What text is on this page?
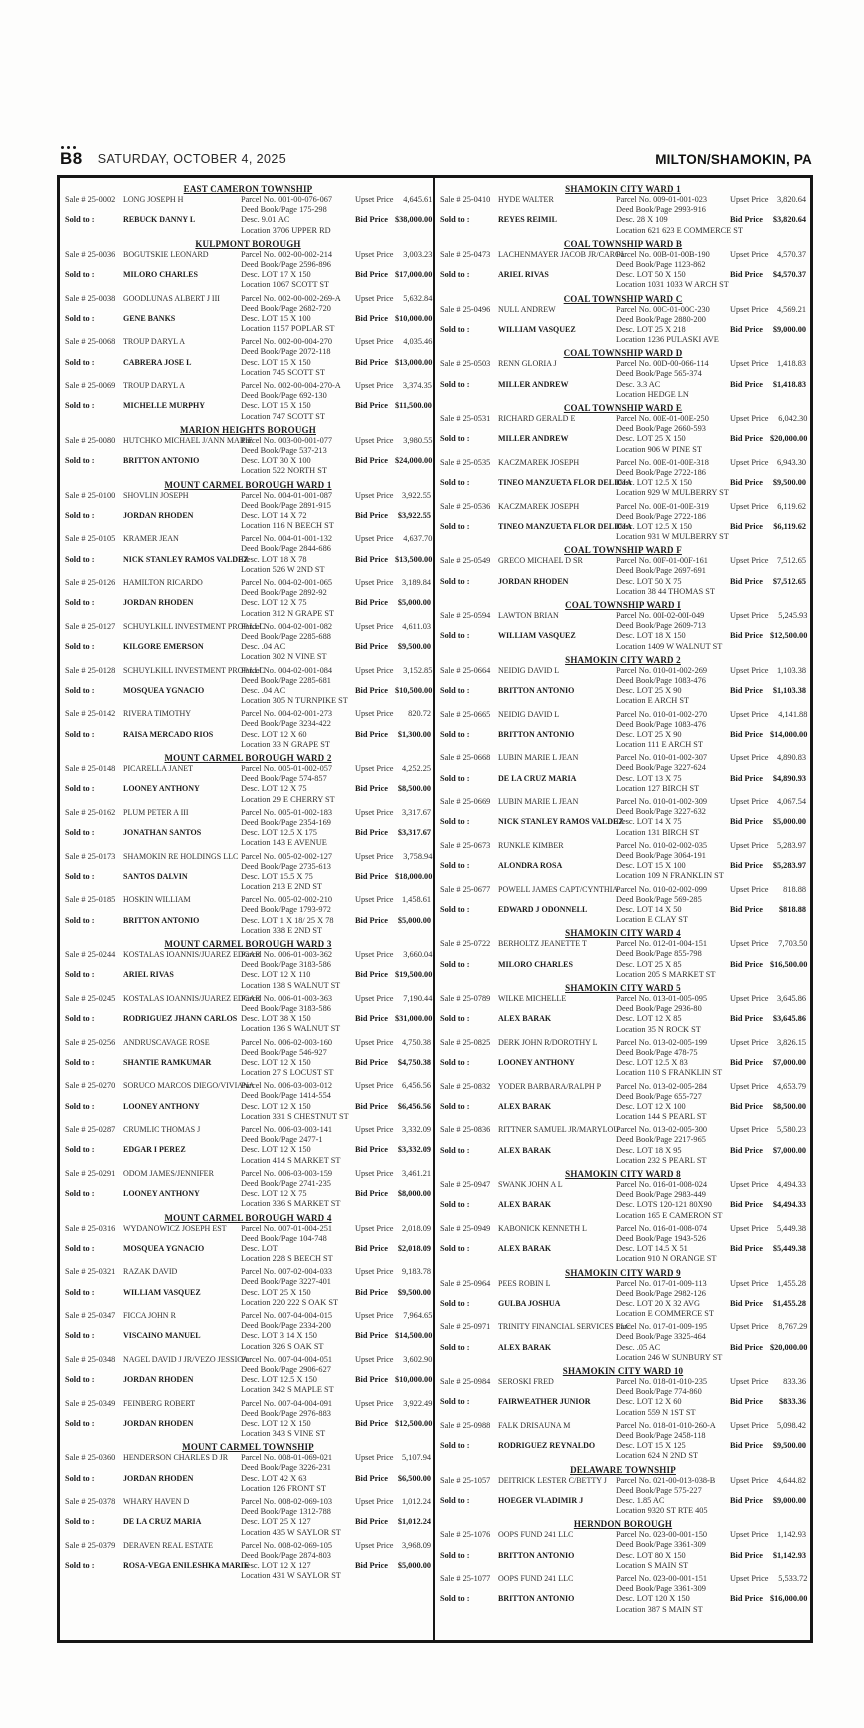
B8 SATURDAY, OCTOBER 4, 2025	MILTON/SHAMOKIN, PA
EAST CAMERON TOWNSHIP
Sale # 25-0002 LONG JOSEPH H	Parcel No. 001-00-076-067	Upset Price	4,645.61
Deed Book/Page 175-298
Sold to :	REBUCK DANNY L	Desc. 9.01 AC	Bid Price $38,000.00
Location 3706 UPPER RD
KULPMONT BOROUGH
Sale # 25-0036 BOGUTSKIE LEONARD	Parcel No. 002-00-002-214	Upset Price	3,003.23
Deed Book/Page 2596-896
Sold to :	MILORO CHARLES	Desc. LOT 17 X 150	Bid Price $17,000.00
Location 1067 SCOTT ST
Sale # 25-0038 GOODLUNAS ALBERT J III	Parcel No. 002-00-002-269-A	Upset Price	5,632.84
Deed Book/Page 2682-720
Sold to :	GENE BANKS	Desc. LOT 15 X 100	Bid Price $10,000.00
Location 1157 POPLAR ST
Sale # 25-0068 TROUP DARYL A	Parcel No. 002-00-004-270	Upset Price	4,035.46
Deed Book/Page 2072-118
Sold to :	CABRERA JOSE L	Desc. LOT 15 X 150	Bid Price $13,000.00
Location 745 SCOTT ST
Sale # 25-0069 TROUP DARYL A	Parcel No. 002-00-004-270-A	Upset Price	3,374.35
Deed Book/Page 692-130
Sold to :	MICHELLE MURPHY	Desc. LOT 15 X 150	Bid Price $11,500.00
Location 747 SCOTT ST
MARION HEIGHTS BOROUGH
Sale # 25-0080 HUTCHKO MICHAEL J/ANN MARIE
Parcel No. 003-00-001-077	Upset Price	3,980.55
Deed Book/Page 537-213
Sold to :	BRITTON ANTONIO	Desc. LOT 30 X 100	Bid Price $24,000.00
Location 522 NORTH ST
MOUNT CARMEL BOROUGH WARD 1
Sale # 25-0100 SHOVLIN JOSEPH	Parcel No. 004-01-001-087	Upset Price	3,922.55
Deed Book/Page 2891-915
Sold to :	JORDAN RHODEN	Desc. LOT 14 X 72	Bid Price	$3,922.55
Location 116 N BEECH ST
Sale # 25-0105 KRAMER JEAN	Parcel No. 004-01-001-132	Upset Price	4,637.70
Deed Book/Page 2844-686
Sold to :	NICK STANLEY RAMOS VALDEZ
Desc. LOT 18 X 78	Bid Price $13,500.00
Location 526 W 2ND ST
Sale # 25-0126 HAMILTON RICARDO	Parcel No. 004-02-001-065	Upset Price	3,189.84
Deed Book/Page 2892-92
Sold to :	JORDAN RHODEN	Desc. LOT 12 X 75	Bid Price	$5,000.00
Location 312 N GRAPE ST
Sale # 25-0127 SCHUYLKILL INVESTMENT PROP LLC
Parcel No. 004-02-001-082	Upset Price	4,611.03
Deed Book/Page 2285-688
Sold to :	KILGORE EMERSON	Desc. .04 AC	Bid Price	$9,500.00
Location 302 N VINE ST
Sale # 25-0128 SCHUYLKILL INVESTMENT PROP LLC
Parcel No. 004-02-001-084	Upset Price	3,152.85
Deed Book/Page 2285-681
Sold to :	MOSQUEA YGNACIO	Desc. .04 AC	Bid Price $10,500.00
Location 305 N TURNPIKE ST
Sale # 25-0142 RIVERA TIMOTHY	Parcel No. 004-02-001-273	Upset Price	820.72
Deed Book/Page 3234-422
Sold to :	RAISA MERCADO RIOS	Desc. LOT 12 X 60	Bid Price	$1,300.00
Location 33 N GRAPE ST
MOUNT CARMEL BOROUGH WARD 2
Sale # 25-0148 PICARELLA JANET	Parcel No. 005-01-002-057	Upset Price	4,252.25
Deed Book/Page 574-857
Sold to :	LOONEY ANTHONY	Desc. LOT 12 X 75	Bid Price	$8,500.00
Location 29 E CHERRY ST
Sale # 25-0162 PLUM PETER A III	Parcel No. 005-01-002-183	Upset Price	3,317.67
Deed Book/Page 2354-169
Sold to :	JONATHAN SANTOS	Desc. LOT 12.5 X 175	Bid Price	$3,317.67
Location 143 E AVENUE
Sale # 25-0173 SHAMOKIN RE HOLDINGS LLC Parcel No. 005-02-002-127	Upset Price	3,758.94
Deed Book/Page 2735-613
Sold to :	SANTOS DALVIN	Desc. LOT 15.5 X 75	Bid Price $18,000.00
Location 213 E 2ND ST
Sale # 25-0185 HOSKIN WILLIAM	Parcel No. 005-02-002-210	Upset Price	1,458.61
Deed Book/Page 1793-972
Sold to :	BRITTON ANTONIO	Desc. LOT 1 X 18/ 25 X 78	Bid Price	$5,000.00
Location 338 E 2ND ST
MOUNT CARMEL BOROUGH WARD 3
Sale # 25-0244 KOSTALAS IOANNIS/JUAREZ EDGAR
Parcel No. 006-01-003-362	Upset Price	3,660.04
Deed Book/Page 3183-586
Sold to :	ARIEL RIVAS	Desc. LOT 12 X 110	Bid Price $19,500.00
Location 138 S WALNUT ST
Sale # 25-0245 KOSTALAS IOANNIS/JUAREZ EDGAR
Parcel No. 006-01-003-363	Upset Price	7,190.44
Deed Book/Page 3183-586
Sold to :	RODRIGUEZ JHANN CARLOS Desc. LOT 38 X 150	Bid Price $31,000.00
Location 136 S WALNUT ST
Sale # 25-0256 ANDRUSCAVAGE ROSE	Parcel No. 006-02-003-160	Upset Price	4,750.38
Deed Book/Page 546-927
Sold to :	SHANTIE RAMKUMAR	Desc. LOT 12 X 150	Bid Price	$4,750.38
Location 27 S LOCUST ST
Sale # 25-0270 SORUCO MARCOS DIEGO/VIVIANA
Parcel No. 006-03-003-012	Upset Price	6,456.56
Deed Book/Page 1414-554
Sold to :	LOONEY ANTHONY	Desc. LOT 12 X 150	Bid Price	$6,456.56
Location 331 S CHESTNUT ST
Sale # 25-0287 CRUMLIC THOMAS J	Parcel No. 006-03-003-141	Upset Price	3,332.09
Deed Book/Page 2477-1
Sold to :	EDGAR I PEREZ	Desc. LOT 12 X 150	Bid Price	$3,332.09
Location 414 S MARKET ST
Sale # 25-0291 ODOM JAMES/JENNIFER	Parcel No. 006-03-003-159	Upset Price	3,461.21
Deed Book/Page 2741-235
Sold to :	LOONEY ANTHONY	Desc. LOT 12 X 75	Bid Price	$8,000.00
Location 336 S MARKET ST
MOUNT CARMEL BOROUGH WARD 4
Sale # 25-0316 WYDANOWICZ JOSEPH EST	Parcel No. 007-01-004-251	Upset Price	2,018.09
Deed Book/Page 104-748
Sold to :	MOSQUEA YGNACIO	Desc. LOT	Bid Price	$2,018.09
Location 228 S BEECH ST
Sale # 25-0321 RAZAK DAVID	Parcel No. 007-02-004-033	Upset Price	9,183.78
Deed Book/Page 3227-401
Sold to :	WILLIAM VASQUEZ	Desc. LOT 25 X 150	Bid Price	$9,500.00
Location 220 222 S OAK ST
Sale # 25-0347 FICCA JOHN R	Parcel No. 007-04-004-015	Upset Price	7,964.65
Deed Book/Page 2334-200
Sold to :	VISCAINO MANUEL	Desc. LOT 3 14 X 150	Bid Price $14,500.00
Location 326 S OAK ST
Sale # 25-0348 NAGEL DAVID J JR/VEZO JESSICA
Parcel No. 007-04-004-051	Upset Price	3,602.90
Deed Book/Page 2906-627
Sold to :	JORDAN RHODEN	Desc. LOT 12.5 X 150	Bid Price $10,000.00
Location 342 S MAPLE ST
Sale # 25-0349 FEINBERG ROBERT	Parcel No. 007-04-004-091	Upset Price	3,922.49
Deed Book/Page 2976-883
Sold to :	JORDAN RHODEN	Desc. LOT 12 X 150	Bid Price $12,500.00
Location 343 S VINE ST
MOUNT CARMEL TOWNSHIP
Sale # 25-0360 HENDERSON CHARLES D JR	Parcel No. 008-01-069-021	Upset Price	5,107.94
Deed Book/Page 3226-231
Sold to :	JORDAN RHODEN	Desc. LOT 42 X 63	Bid Price	$6,500.00
Location 126 FRONT ST
Sale # 25-0378 WHARY HAVEN D	Parcel No. 008-02-069-103	Upset Price	1,012.24
Deed Book/Page 1312-788
Sold to :	DE LA CRUZ MARIA	Desc. LOT 25 X 127	Bid Price	$1,012.24
Location 435 W SAYLOR ST
Sale # 25-0379 DERAVEN REAL ESTATE	Parcel No. 008-02-069-105	Upset Price	3,968.09
Deed Book/Page 2874-803
Sold to :	ROSA-VEGA ENILESHKA MARIE
Desc. LOT 12 X 127	Bid Price	$5,000.00
Location 431 W SAYLOR ST
SHAMOKIN CITY WARD 1
Sale # 25-0410 HYDE WALTER	Parcel No. 009-01-001-023	Upset Price	3,820.64
Deed Book/Page 2993-916
Sold to :	REYES REIMIL	Desc. 28 X 109	Bid Price	$3,820.64
Location 621 623 E COMMERCE ST
COAL TOWNSHIP WARD B
Sale # 25-0473 LACHENMAYER JACOB JR/CAROL
Parcel No. 00B-01-00B-190	Upset Price	4,570.37
Deed Book/Page 1123-862
Sold to :	ARIEL RIVAS	Desc. LOT 50 X 150	Bid Price	$4,570.37
Location 1031 1033 W ARCH ST
COAL TOWNSHIP WARD C
Sale # 25-0496 NULL ANDREW	Parcel No. 00C-01-00C-230	Upset Price	4,569.21
Deed Book/Page 2880-200
Sold to :	WILLIAM VASQUEZ	Desc. LOT 25 X 218	Bid Price	$9,000.00
Location 1236 PULASKI AVE
COAL TOWNSHIP WARD D
Sale # 25-0503 RENN GLORIA J	Parcel No. 00D-00-066-114	Upset Price	1,418.83
Deed Book/Page 565-374
Sold to :	MILLER ANDREW	Desc. 3.3 AC	Bid Price	$1,418.83
Location HEDGE LN
COAL TOWNSHIP WARD E
Sale # 25-0531 RICHARD GERALD E	Parcel No. 00E-01-00E-250	Upset Price	6,042.30
Deed Book/Page 2660-593
Sold to :	MILLER ANDREW	Desc. LOT 25 X 150	Bid Price $20,000.00
Location 906 W PINE ST
Sale # 25-0535 KACZMAREK JOSEPH	Parcel No. 00E-01-00E-318	Upset Price	6,943.30
Deed Book/Page 2722-186
Sold to :	TINEO MANZUETA FLOR DELICIA
Desc. LOT 12.5 X 150	Bid Price	$9,500.00
Location 929 W MULBERRY ST
Sale # 25-0536 KACZMAREK JOSEPH	Parcel No. 00E-01-00E-319	Upset Price	6,119.62
Deed Book/Page 2722-186
Sold to :	TINEO MANZUETA FLOR DELICIA
Desc. LOT 12.5 X 150	Bid Price	$6,119.62
Location 931 W MULBERRY ST
COAL TOWNSHIP WARD F
Sale # 25-0549 GRECO MICHAEL D SR	Parcel No. 00F-01-00F-161	Upset Price	7,512.65
Deed Book/Page 2697-691
Sold to :	JORDAN RHODEN	Desc. LOT 50 X 75	Bid Price	$7,512.65
Location 38 44 THOMAS ST
COAL TOWNSHIP WARD I
Sale # 25-0594 LAWTON BRIAN	Parcel No. 00I-02-00I-049	Upset Price	5,245.93
Deed Book/Page 2609-713
Sold to :	WILLIAM VASQUEZ	Desc. LOT 18 X 150	Bid Price $12,500.00
Location 1409 W WALNUT ST
SHAMOKIN CITY WARD 2
Sale # 25-0664 NEIDIG DAVID L	Parcel No. 010-01-002-269	Upset Price	1,103.38
Deed Book/Page 1083-476
Sold to :	BRITTON ANTONIO	Desc. LOT 25 X 90	Bid Price	$1,103.38
Location E ARCH ST
Sale # 25-0665 NEIDIG DAVID L	Parcel No. 010-01-002-270	Upset Price	4,141.88
Deed Book/Page 1083-476
Sold to :	BRITTON ANTONIO	Desc. LOT 25 X 90	Bid Price $14,000.00
Location 111 E ARCH ST
Sale # 25-0668 LUBIN MARIE L JEAN	Parcel No. 010-01-002-307	Upset Price	4,890.83
Deed Book/Page 3227-624
Sold to :	DE LA CRUZ MARIA	Desc. LOT 13 X 75	Bid Price	$4,890.93
Location 127 BIRCH ST
Sale # 25-0669 LUBIN MARIE L JEAN	Parcel No. 010-01-002-309	Upset Price	4,067.54
Deed Book/Page 3227-632
Sold to :	NICK STANLEY RAMOS VALDEZ
Desc. LOT 14 X 75	Bid Price	$5,000.00
Location 131 BIRCH ST
Sale # 25-0673 RUNKLE KIMBER	Parcel No. 010-02-002-035	Upset Price	5,283.97
Deed Book/Page 3064-191
Sold to :	ALONDRA ROSA	Desc. LOT 15 X 100	Bid Price	$5,283.97
Location 109 N FRANKLIN ST
Sale # 25-0677 POWELL JAMES CAPT/CYNTHIA
Parcel No. 010-02-002-099	Upset Price	818.88
Deed Book/Page 569-285
Sold to :	EDWARD J ODONNELL	Desc. LOT 14 X 50	Bid Price	$818.88
Location E CLAY ST
SHAMOKIN CITY WARD 4
Sale # 25-0722 BERHOLTZ JEANETTE T	Parcel No. 012-01-004-151	Upset Price	7,703.50
Deed Book/Page 855-798
Sold to :	MILORO CHARLES	Desc. LOT 25 X 85	Bid Price $16,500.00
Location 205 S MARKET ST
SHAMOKIN CITY WARD 5
Sale # 25-0789 WILKE MICHELLE	Parcel No. 013-01-005-095	Upset Price	3,645.86
Deed Book/Page 2936-80
Sold to :	ALEX BARAK	Desc. LOT 12 X 85	Bid Price	$3,645.86
Location 35 N ROCK ST
Sale # 25-0825 DERK JOHN R/DOROTHY L	Parcel No. 013-02-005-199	Upset Price	3,826.15
Deed Book/Page 478-75
Sold to :	LOONEY ANTHONY	Desc. LOT 12.5 X 83	Bid Price	$7,000.00
Location 110 S FRANKLIN ST
Sale # 25-0832 YODER BARBARA/RALPH P	Parcel No. 013-02-005-284	Upset Price	4,653.79
Deed Book/Page 655-727
Sold to :	ALEX BARAK	Desc. LOT 12 X 100	Bid Price	$8,500.00
Location 144 S PEARL ST
Sale # 25-0836 RITTNER SAMUEL JR/MARYLOU
Parcel No. 013-02-005-300	Upset Price	5,580.23
Deed Book/Page 2217-965
Sold to :	ALEX BARAK	Desc. LOT 18 X 95	Bid Price	$7,000.00
Location 232 S PEARL ST
SHAMOKIN CITY WARD 8
Sale # 25-0947 SWANK JOHN A L	Parcel No. 016-01-008-024	Upset Price	4,494.33
Deed Book/Page 2983-449
Sold to :	ALEX BARAK	Desc. LOTS 120-121 80X90	Bid Price	$4,494.33
Location 165 E CAMERON ST
Sale # 25-0949 KABONICK KENNETH L	Parcel No. 016-01-008-074	Upset Price	5,449.38
Deed Book/Page 1943-526
Sold to :	ALEX BARAK	Desc. LOT 14.5 X 51	Bid Price	$5,449.38
Location 910 N ORANGE ST
SHAMOKIN CITY WARD 9
Sale # 25-0964 PEES ROBIN L	Parcel No. 017-01-009-113	Upset Price	1,455.28
Deed Book/Page 2982-126
Sold to :	GULBA JOSHUA	Desc. LOT 20 X 32 AVG	Bid Price	$1,455.28
Location E COMMERCE ST
Sale # 25-0971 TRINITY FINANCIAL SERVICES LLC
Parcel No. 017-01-009-195	Upset Price	8,767.29
Deed Book/Page 3325-464
Sold to :	ALEX BARAK	Desc. .05 AC	Bid Price $20,000.00
Location 246 W SUNBURY ST
SHAMOKIN CITY WARD 10
Sale # 25-0984 SEROSKI FRED	Parcel No. 018-01-010-235	Upset Price	833.36
Deed Book/Page 774-860
Sold to :	FAIRWEATHER JUNIOR	Desc. LOT 12 X 60	Bid Price	$833.36
Location 559 N 1ST ST
Sale # 25-0988 FALK DRISAUNA M	Parcel No. 018-01-010-260-A	Upset Price	5,098.42
Deed Book/Page 2458-118
Sold to :	RODRIGUEZ REYNALDO	Desc. LOT 15 X 125	Bid Price	$9,500.00
Location 624 N 2ND ST
DELAWARE TOWNSHIP
Sale # 25-1057 DEITRICK LESTER C/BETTY J	Parcel No. 021-00-013-038-B	Upset Price	4,644.82
Deed Book/Page 575-227
Sold to :	HOEGER VLADIMIR J	Desc. 1.85 AC	Bid Price	$9,000.00
Location 9320 ST RTE 405
HERNDON BOROUGH
Sale # 25-1076 OOPS FUND 241 LLC	Parcel No. 023-00-001-150	Upset Price	1,142.93
Deed Book/Page 3361-309
Sold to :	BRITTON ANTONIO	Desc. LOT 80 X 150	Bid Price	$1,142.93
Location S MAIN ST
Sale # 25-1077 OOPS FUND 241 LLC	Parcel No. 023-00-001-151	Upset Price	5,533.72
Deed Book/Page 3361-309
Sold to :	BRITTON ANTONIO	Desc. LOT 120 X 150	Bid Price $16,000.00
Location 387 S MAIN ST
